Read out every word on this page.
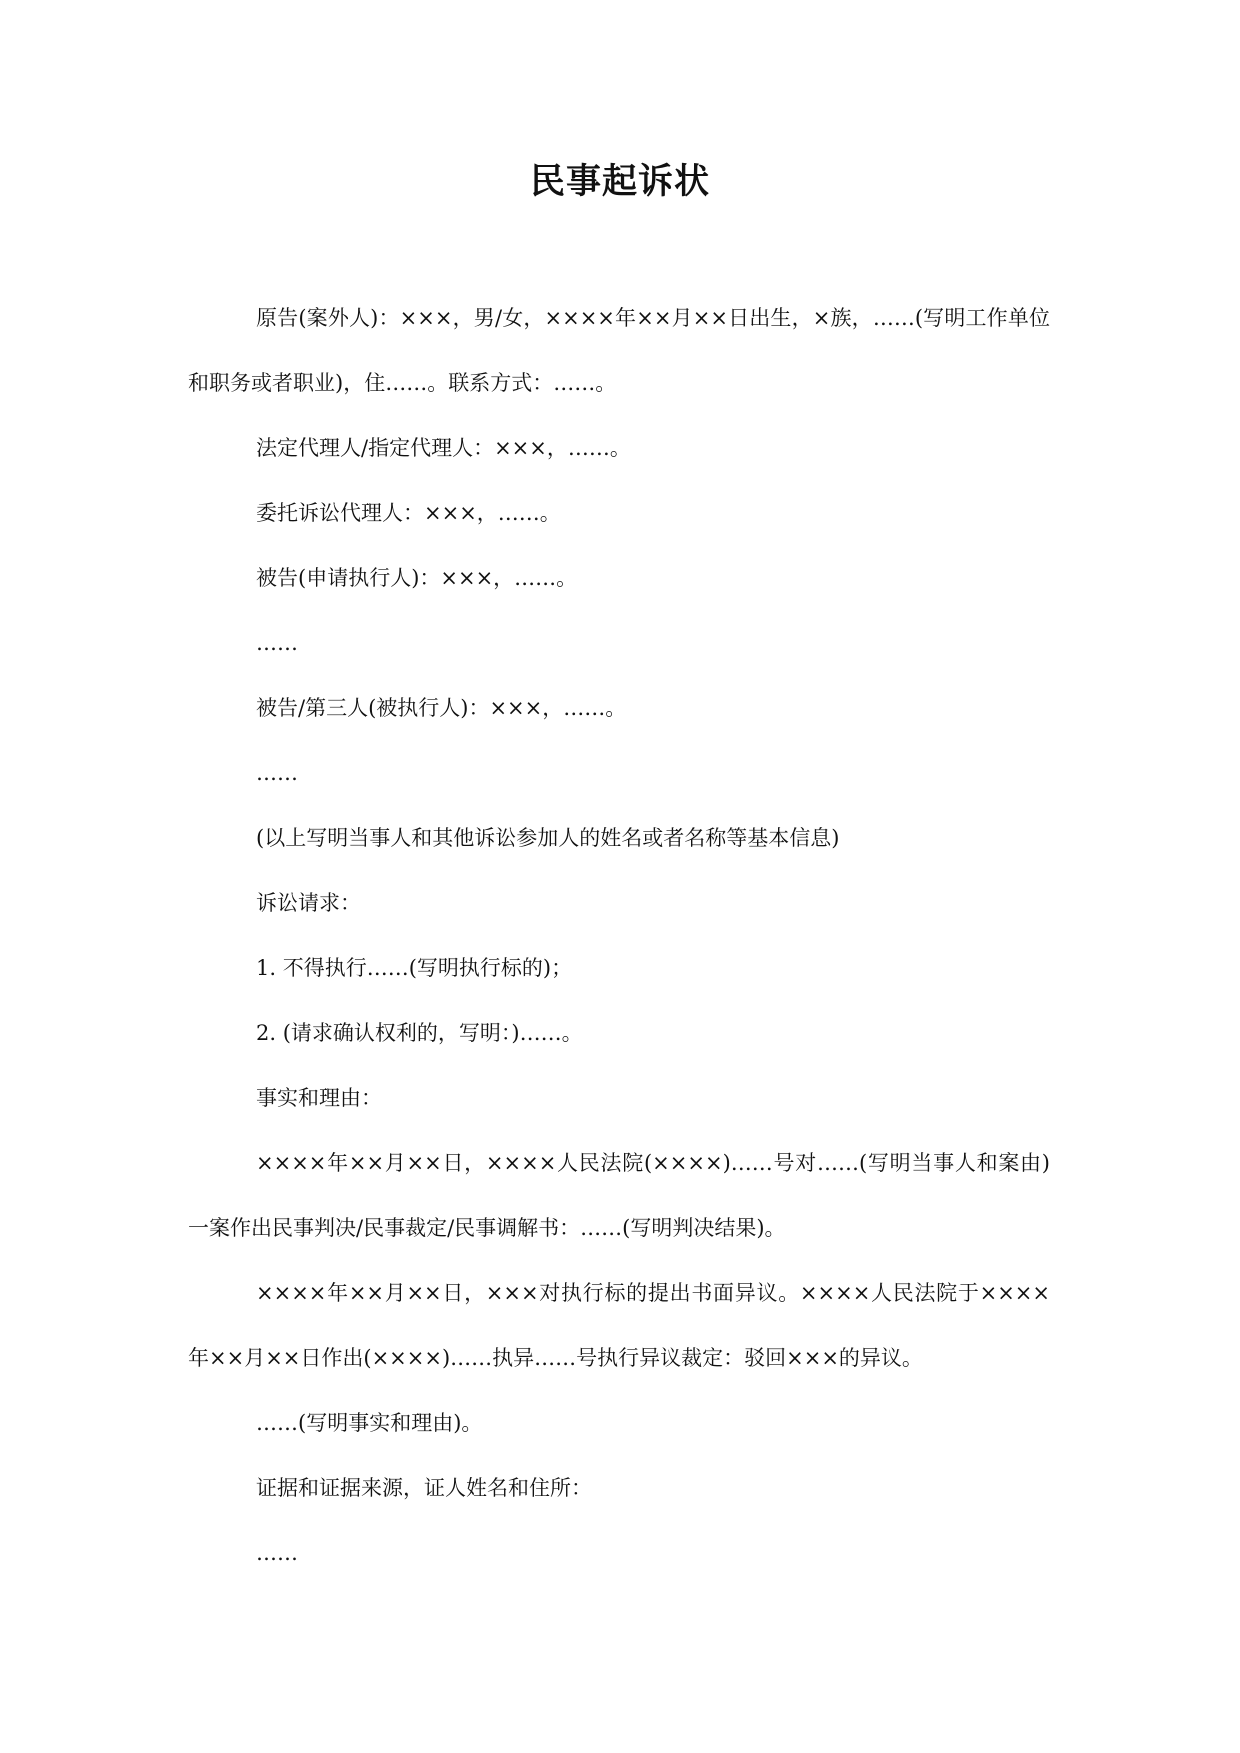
民事起诉状

原告(案外人)：×××，男/女，××××年××月××日出生，×族，……(写明工作单位和职务或者职业)，住……。联系方式：……。

法定代理人/指定代理人：×××，……。

委托诉讼代理人：×××，……。

被告(申请执行人)：×××，……。

……

被告/第三人(被执行人)：×××，……。

……

(以上写明当事人和其他诉讼参加人的姓名或者名称等基本信息)

诉讼请求：

1. 不得执行……(写明执行标的)；

2. (请求确认权利的，写明：)……。

事实和理由：

××××年××月××日，××××人民法院(××××)……号对……(写明当事人和案由)一案作出民事判决/民事裁定/民事调解书：……(写明判决结果)。

××××年××月××日，×××对执行标的提出书面异议。××××人民法院于××××年××月××日作出(××××)……执异……号执行异议裁定：驳回×××的异议。

……(写明事实和理由)。

证据和证据来源，证人姓名和住所：

……
